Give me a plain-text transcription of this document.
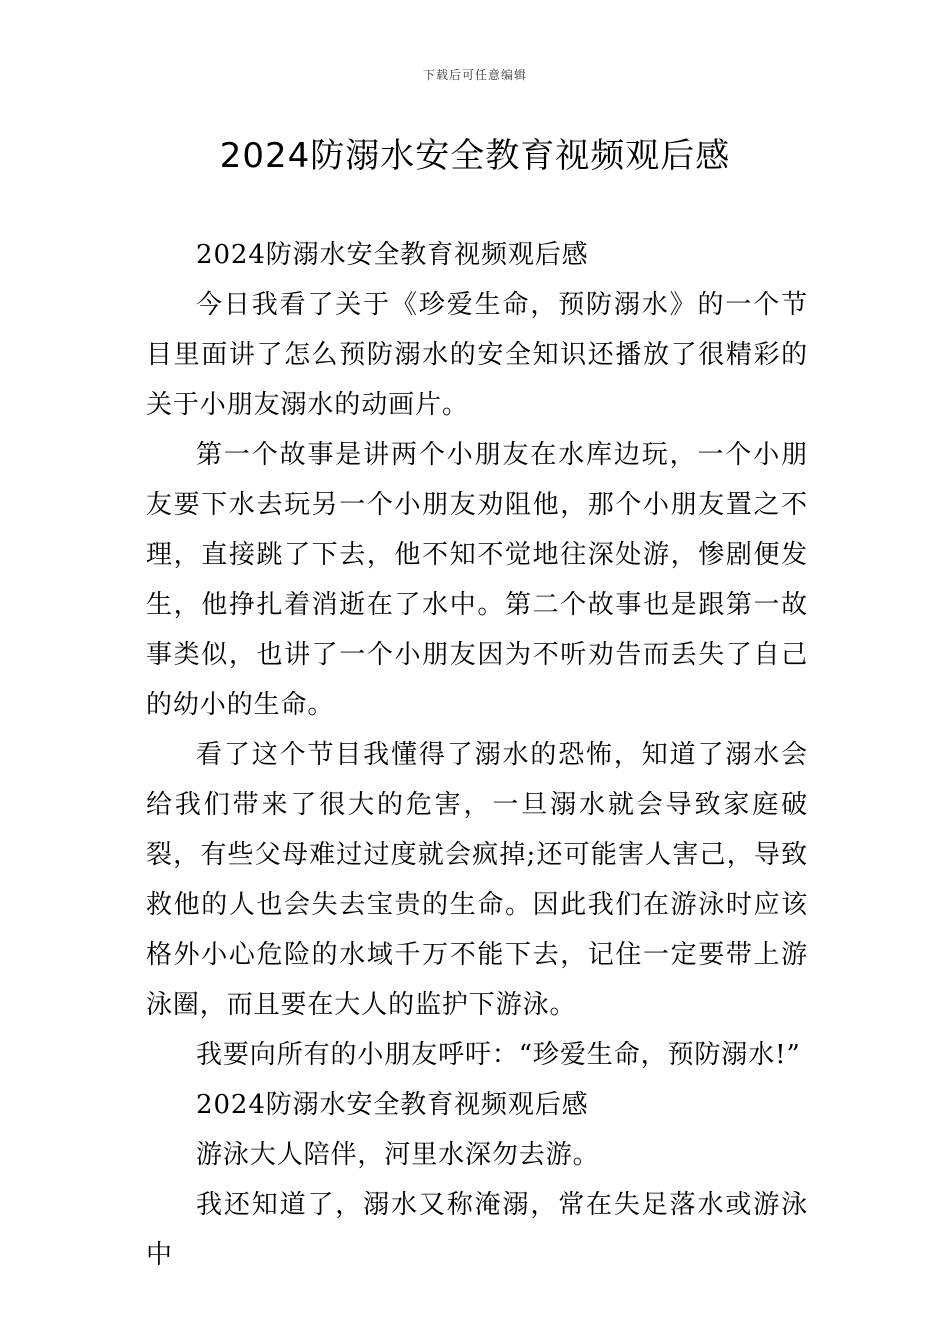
下载后可任意编辑
2024防溺水安全教育视频观后感

2024防溺水安全教育视频观后感

今日我看了关于《珍爱生命，预防溺水》的一个节目里面讲了怎么预防溺水的安全知识还播放了很精彩的关于小朋友溺水的动画片。

第一个故事是讲两个小朋友在水库边玩，一个小朋友要下水去玩另一个小朋友劝阻他，那个小朋友置之不理，直接跳了下去，他不知不觉地往深处游，惨剧便发生，他挣扎着消逝在了水中。第二个故事也是跟第一故事类似，也讲了一个小朋友因为不听劝告而丢失了自己的幼小的生命。

看了这个节目我懂得了溺水的恐怖，知道了溺水会给我们带来了很大的危害，一旦溺水就会导致家庭破裂，有些父母难过过度就会疯掉;还可能害人害己，导致救他的人也会失去宝贵的生命。因此我们在游泳时应该格外小心危险的水域千万不能下去，记住一定要带上游泳圈，而且要在大人的监护下游泳。

我要向所有的小朋友呼吁：“珍爱生命，预防溺水!”

2024防溺水安全教育视频观后感

游泳大人陪伴，河里水深勿去游。

我还知道了，溺水又称淹溺，常在失足落水或游泳中
